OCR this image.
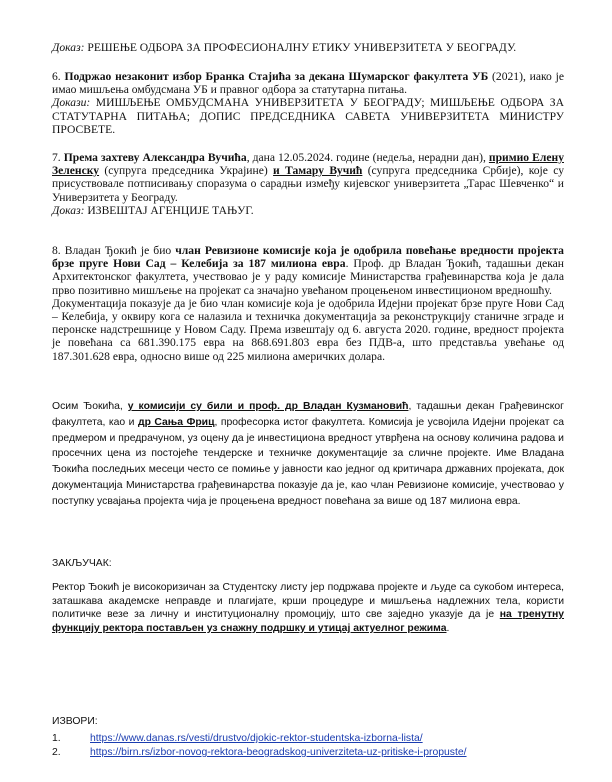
Доказ: РЕШЕЊЕ ОДБОРА ЗА ПРОФЕСИОНАЛНУ ЕТИКУ УНИВЕРЗИТЕТА У БЕОГРАДУ.
6. Подржао незаконит избор Бранка Стајића за декана Шумарског факултета УБ (2021), иако је имао мишљења омбудсмана УБ и правног одбора за статутарна питања.
Докази: МИШЉЕЊЕ ОМБУДСМАНА УНИВЕРЗИТЕТА У БЕОГРАДУ; МИШЉЕЊЕ ОДБОРА ЗА СТАТУТАРНА ПИТАЊА; ДОПИС ПРЕДСЕДНИКА САВЕТА УНИВЕРЗИТЕТА МИНИСТРУ ПРОСВЕТЕ.
7. Према захтеву Александра Вучића, дана 12.05.2024. године (недеља, нерадни дан), примио Елену Зеленску (супруга председника Украјине) и Тамару Вучић (супруга председника Србије), које су присуствовале потписивању споразума о сарадњи између кијевског универзитета „Тарас Шевченко“ и Универзитета у Београду.
Доказ: ИЗВЕШТАЈ АГЕНЦИЈЕ ТАЊУГ.
8. Владан Ђокић је био члан Ревизионе комисије која је одобрила повећање вредности пројекта брзе пруге Нови Сад – Келебија за 187 милиона евра. Проф. др Владан Ђокић, тадашњи декан Архитектонског факултета, учествовао је у раду комисије Министарства грађевинарства која је дала прво позитивно мишљење на пројекат са значајно увећаном процењеном инвестиционом вредношћу.
Документација показује да је био члан комисије која је одобрила Идејни пројекат брзе пруге Нови Сад – Келебија, у оквиру кога се налазила и техничка документација за реконструкцију станичне зграде и перонске надстрешнице у Новом Саду. Према извештају од 6. августа 2020. године, вредност пројекта је повећана са 681.390.175 евра на 868.691.803 евра без ПДВ-а, што представља увећање од 187.301.628 евра, односно више од 225 милиона америчких долара.
Осим Ђокића, у комисији су били и проф. др Владан Кузмановић, тадашњи декан Грађевинског факултета, као и др Сања Фриц, професорка истог факултета. Комисија је усвојила Идејни пројекат са предмером и предрачуном, уз оцену да је инвестициона вредност утврђена на основу количина радова и просечних цена из постојеће тендерске и техничке документације за сличне пројекте. Име Владана Ђокића последњих месеци често се помиње у јавности као једног од критичара државних пројеката, док документација Министарства грађевинарства показује да је, као члан Ревизионе комисије, учествовао у поступку усвајања пројекта чија је процењена вредност повећана за више од 187 милиона евра.
ЗАКЉУЧАК:
Ректор Ђокић је високоризичан за Студентску листу јер подржава пројекте и људе са сукобом интереса, заташкава академске неправде и плагијате, крши процедуре и мишљења надлежних тела, користи политичке везе за личну и институционалну промоцију, што све заједно указује да је на тренутну функцију ректора постављен уз снажну подршку и утицај актуелног режима.
ИЗВОРИ:
1.	https://www.danas.rs/vesti/drustvo/djokic-rektor-studentska-izborna-lista/
2.	https://birn.rs/izbor-novog-rektora-beogradskog-univerziteta-uz-pritiske-i-propuste/
